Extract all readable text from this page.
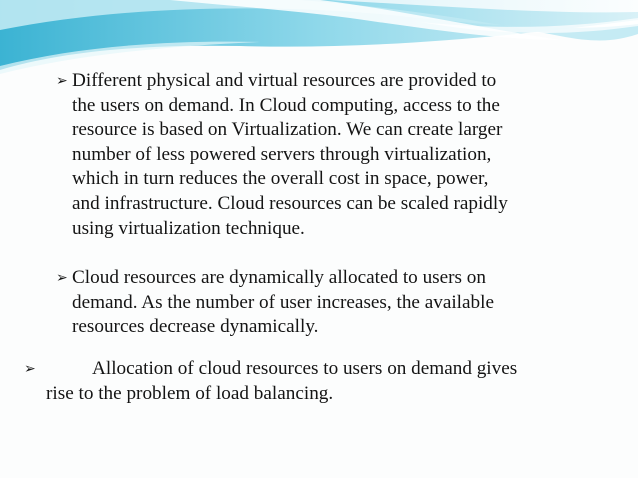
➢ Different physical and virtual resources are provided to
the users on demand. In Cloud computing, access to the
resource is based on Virtualization. We can create larger
number of less powered servers through virtualization,
which in turn reduces the overall cost in space, power,
and infrastructure. Cloud resources can be scaled rapidly
using virtualization technique.
➢ Cloud resources are dynamically allocated to users on
demand. As the number of user increases, the available
resources decrease dynamically.
➢	Allocation of cloud resources to users on demand gives
rise to the problem of load balancing.
